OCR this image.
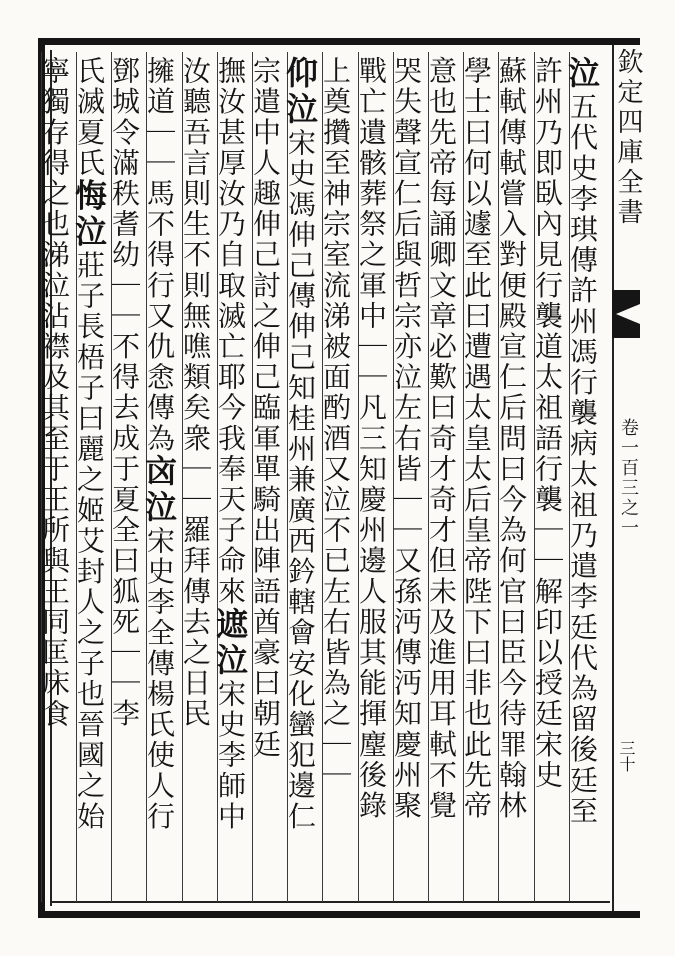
欽定四庫全書
卷一百三之一
三十
泣五代史李琪傳許州馮行襲病太祖乃遣李廷代為留後廷至
許州乃即臥內見行襲道太祖語行襲｜｜解印以授廷宋史
蘇軾傳軾嘗入對便殿宣仁后問曰今為何官曰臣今待罪翰林
學士曰何以遽至此曰遭遇太皇太后皇帝陛下曰非也此先帝
意也先帝每誦卿文章必歎曰奇才奇才但未及進用耳軾不覺
哭失聲宣仁后與哲宗亦泣左右皆｜｜又孫沔傳沔知慶州聚
戰亡遺骸葬祭之軍中｜｜凡三知慶州邊人服其能揮麈後錄
上奠攢至神宗室流涕被面酌酒又泣不已左右皆為之｜｜
仰泣宋史馮伸己傳伸己知桂州兼廣西鈐轄會安化蠻犯邊仁
宗遣中人趣伸己討之伸己臨軍單騎出陣語酋豪曰朝廷
撫汝甚厚汝乃自取滅亡耶今我奉天子命來遮泣宋史李師中
汝聽吾言則生不則無噍類矣衆｜｜羅拜傳去之日民
擁道｜｜馬不得行又仇悆傳為㐫泣宋史李全傳楊氏使人行
鄧城令滿秩耆幼｜｜不得去成于夏全曰狐死｜｜李
氏滅夏氏悔泣莊子長梧子曰麗之姬艾封人之子也晉國之始
寧獨存得之也涕泣沾襟及其至于王所與王同匡床食
